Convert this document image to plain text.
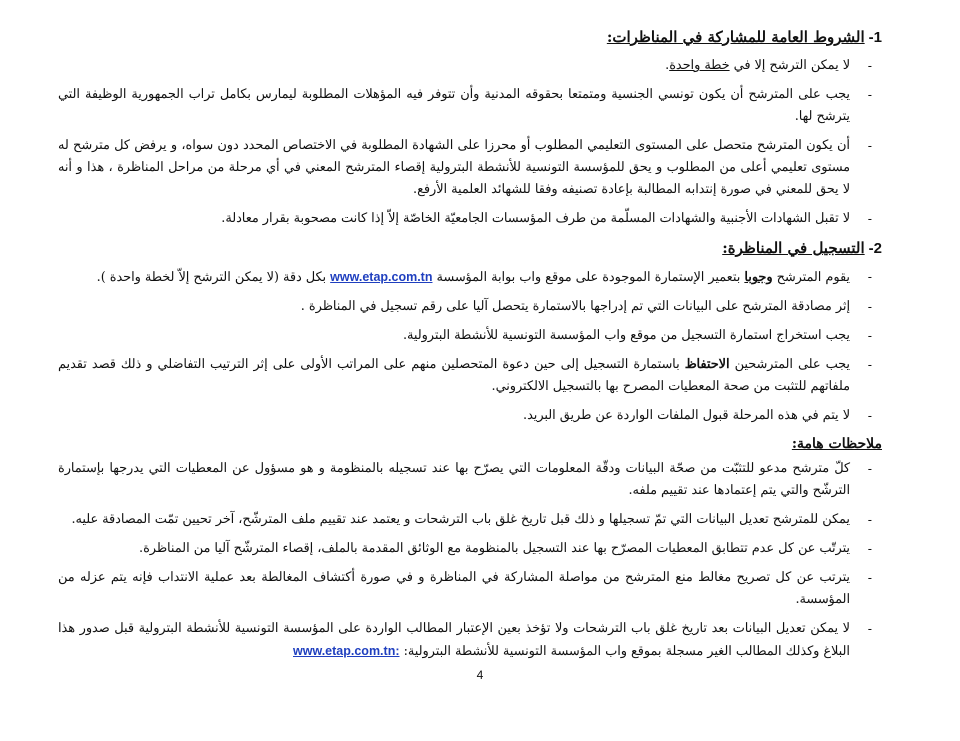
1-الشروط العامة للمشاركة في المناظرات:
-
لا يمكن الترشح إلا في خطة واحدة.
-
يجب على المترشح أن يكون تونسي الجنسية ومتمتعا بحقوقه المدنية وأن تتوفر فيه المؤهلات المطلوبة ليمارس بكامل تراب الجمهورية الوظيفة التي يترشح لها.
-
أن يكون المترشح متحصل على المستوى التعليمي المطلوب أو محرزا على الشهادة المطلوبة في الاختصاص المحدد دون سواه، و يرفض كل مترشح له مستوى تعليمي أعلى من المطلوب و يحق للمؤسسة التونسية للأنشطة البترولية إقصاء المترشح المعني في أي مرحلة من مراحل المناظرة ، هذا و أنه لا يحق للمعني في صورة إنتدابه المطالبة بإعادة تصنيفه وفقا للشهائد العلمية الأرفع.
-
لا تقبل الشهادات الأجنبية والشهادات المسلّمة من طرف المؤسسات الجامعيّة الخاصّة إلاّ إذا كانت مصحوبة بقرار معادلة.
2-التسجيل في المناظرة:
-
يقوم المترشح وجوبا بتعمير الإستمارة الموجودة على موقع واب بوابة المؤسسة www.etap.com.tn بكل دقة (لا يمكن الترشح إلاّ لخطة واحدة ).
-
إثر مصادقة المترشح على البيانات التي تم إدراجها بالاستمارة يتحصل آليا على رقم تسجيل في المناظرة .
-
يجب استخراج استمارة التسجيل من موقع واب المؤسسة التونسية للأنشطة البترولية.
-
يجب على المترشحين الاحتفاظ باستمارة التسجيل إلى حين دعوة المتحصلين منهم على المراتب الأولى على إثر الترتيب التفاضلي و ذلك قصد تقديم ملفاتهم للتثبت من صحة المعطيات المصرح بها بالتسجيل الالكتروني.
-
لا يتم في هذه المرحلة قبول الملفات الواردة عن طريق البريد.
ملاحظات هامة:
-
كلّ مترشح مدعو للتثبّت من صحّة البيانات ودقّة المعلومات التي يصرّح بها عند تسجيله بالمنظومة و هو مسؤول عن المعطيات التي يدرجها بإستمارة الترشّح والتي يتم إعتمادها عند تقييم ملفه.
-
يمكن للمترشح تعديل البيانات التي تمّ تسجيلها و ذلك قبل تاريخ غلق باب الترشحات و يعتمد عند تقييم ملف المترشّح، آخر تحيين تمّت المصادقة عليه.
-
يترتّب عن كل عدم تتطابق المعطيات المصرّح بها عند التسجيل بالمنظومة مع الوثائق المقدمة بالملف، إقصاء المترشّح آليا من المناظرة.
-
يترتب عن كل تصريح مغالط منع المترشح من مواصلة المشاركة في المناظرة و في صورة أكتشاف المغالطة بعد عملية الانتداب فإنه يتم عزله من المؤسسة.
-
لا يمكن تعديل البيانات بعد تاريخ غلق باب الترشحات ولا تؤخذ بعين الإعتبار المطالب الواردة على المؤسسة التونسية للأنشطة البترولية قبل صدور هذا البلاغ وكذلك المطالب الغير مسجلة بموقع واب المؤسسة التونسية للأنشطة البترولية: www.etap.com.tn:
4
